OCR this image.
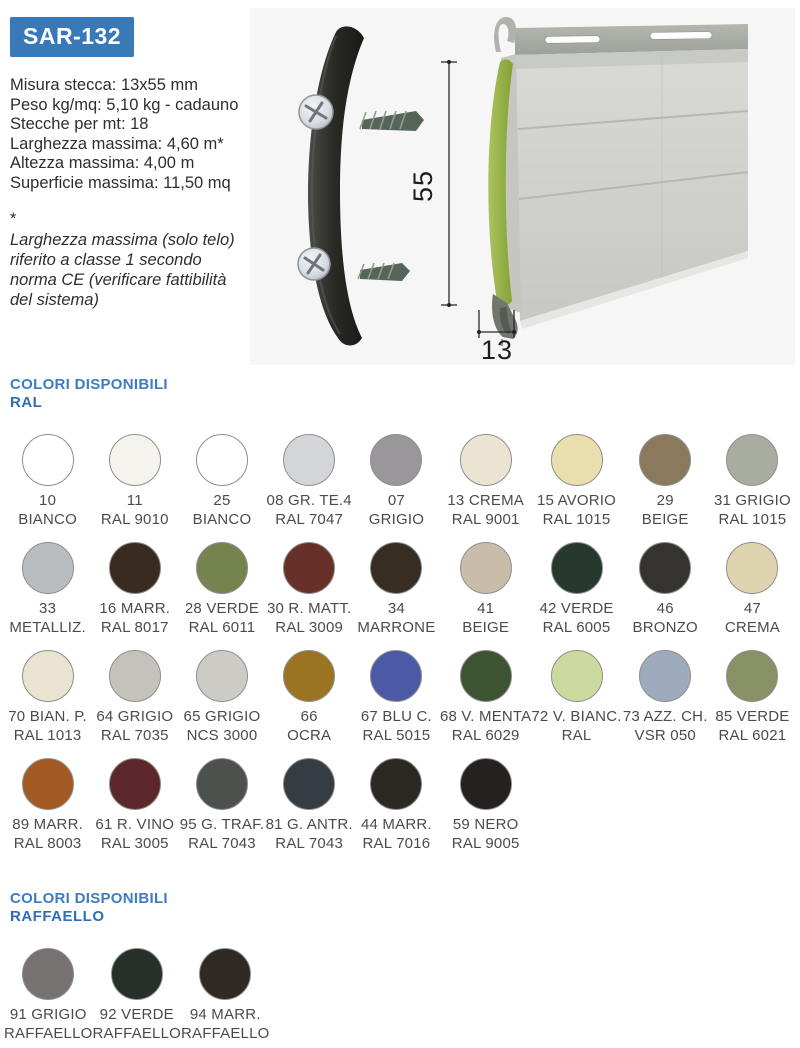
SAR-132
Misura stecca: 13x55 mm
Peso kg/mq: 5,10 kg - cadauno
Stecche per mt: 18
Larghezza massima: 4,60 m*
Altezza massima: 4,00 m
Superficie massima: 11,50 mq
*
Larghezza massima (solo telo) riferito a classe 1 secondo norma CE (verificare fattibilità del sistema)
55
13
COLORI DISPONIBILI
RAL
10
BIANCO
11
RAL 9010
25
BIANCO
08 GR. TE.4
RAL 7047
07
GRIGIO
13 CREMA
RAL 9001
15 AVORIO
RAL 1015
29
BEIGE
31 GRIGIO
RAL 1015
33
METALLIZ.
16 MARR.
RAL 8017
28 VERDE
RAL 6011
30 R. MATT.
RAL 3009
34
MARRONE
41
BEIGE
42 VERDE
RAL 6005
46
BRONZO
47
CREMA
70 BIAN. P.
RAL 1013
64 GRIGIO
RAL 7035
65 GRIGIO
NCS 3000
66
OCRA
67 BLU C.
RAL 5015
68 V. MENTA
RAL 6029
72 V. BIANC.
RAL
73 AZZ. CH.
VSR 050
85 VERDE
RAL 6021
89 MARR.
RAL 8003
61 R. VINO
RAL 3005
95 G. TRAF.
RAL 7043
81 G. ANTR.
RAL 7043
44 MARR.
RAL 7016
59 NERO
RAL 9005
COLORI DISPONIBILI
RAFFAELLO
91 GRIGIO
RAFFAELLO
92 VERDE
RAFFAELLO
94 MARR.
RAFFAELLO
